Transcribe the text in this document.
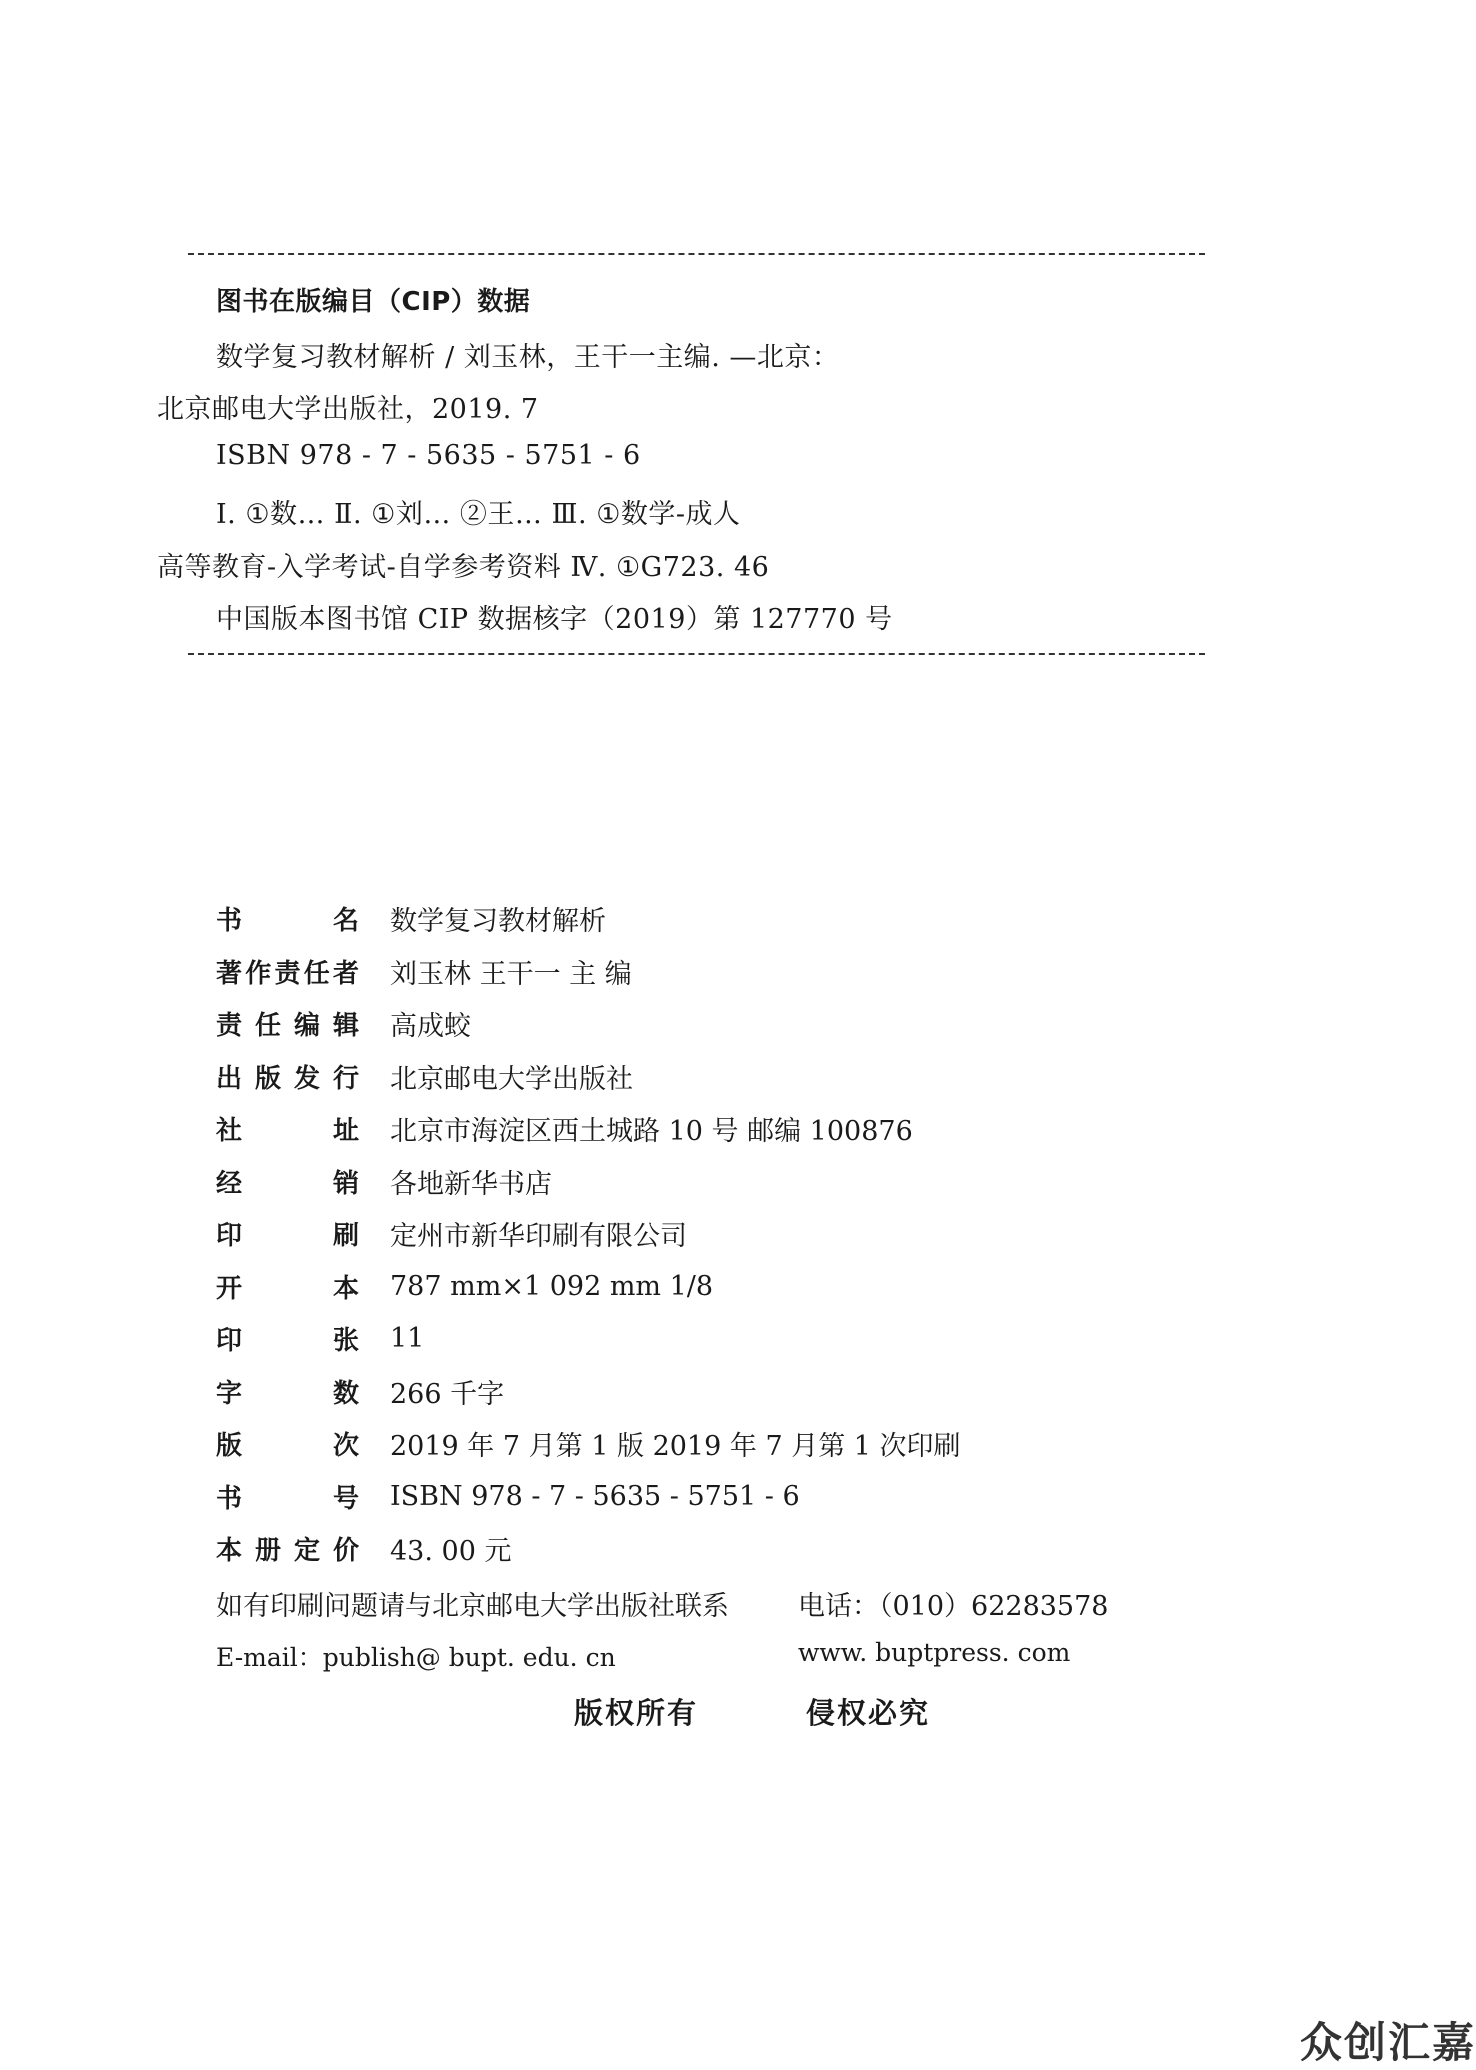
图书在版编目（CIP）数据
数学复习教材解析 / 刘玉林，王干一主编. —北京：
北京邮电大学出版社，2019. 7
ISBN 978 - 7 - 5635 - 5751 - 6
Ⅰ. ①数… Ⅱ. ①刘… ②王… Ⅲ. ①数学-成人
高等教育-入学考试-自学参考资料 Ⅳ. ①G723. 46
中国版本图书馆 CIP 数据核字（2019）第 127770 号
书	名 数学复习教材解析
著 作 责 任 者 刘玉林 王干一 主 编
责 任 编 辑 高成蛟
出 版 发 行 北京邮电大学出版社
社	址 北京市海淀区西土城路 10 号 邮编 100876
经	销 各地新华书店
印	刷 定州市新华印刷有限公司
开	本 787 mm×1 092 mm 1/8
印	张 11
字	数 266 千字
版	次 2019 年 7 月第 1 版 2019 年 7 月第 1 次印刷
书	号 ISBN 978 - 7 - 5635 - 5751 - 6
本 册 定 价 43. 00 元
如有印刷问题请与北京邮电大学出版社联系	电话：（010）62283578
E-mail：publish@ bupt. edu. cn	www. buptpress. com
版权所有	侵权必究
众创汇嘉
